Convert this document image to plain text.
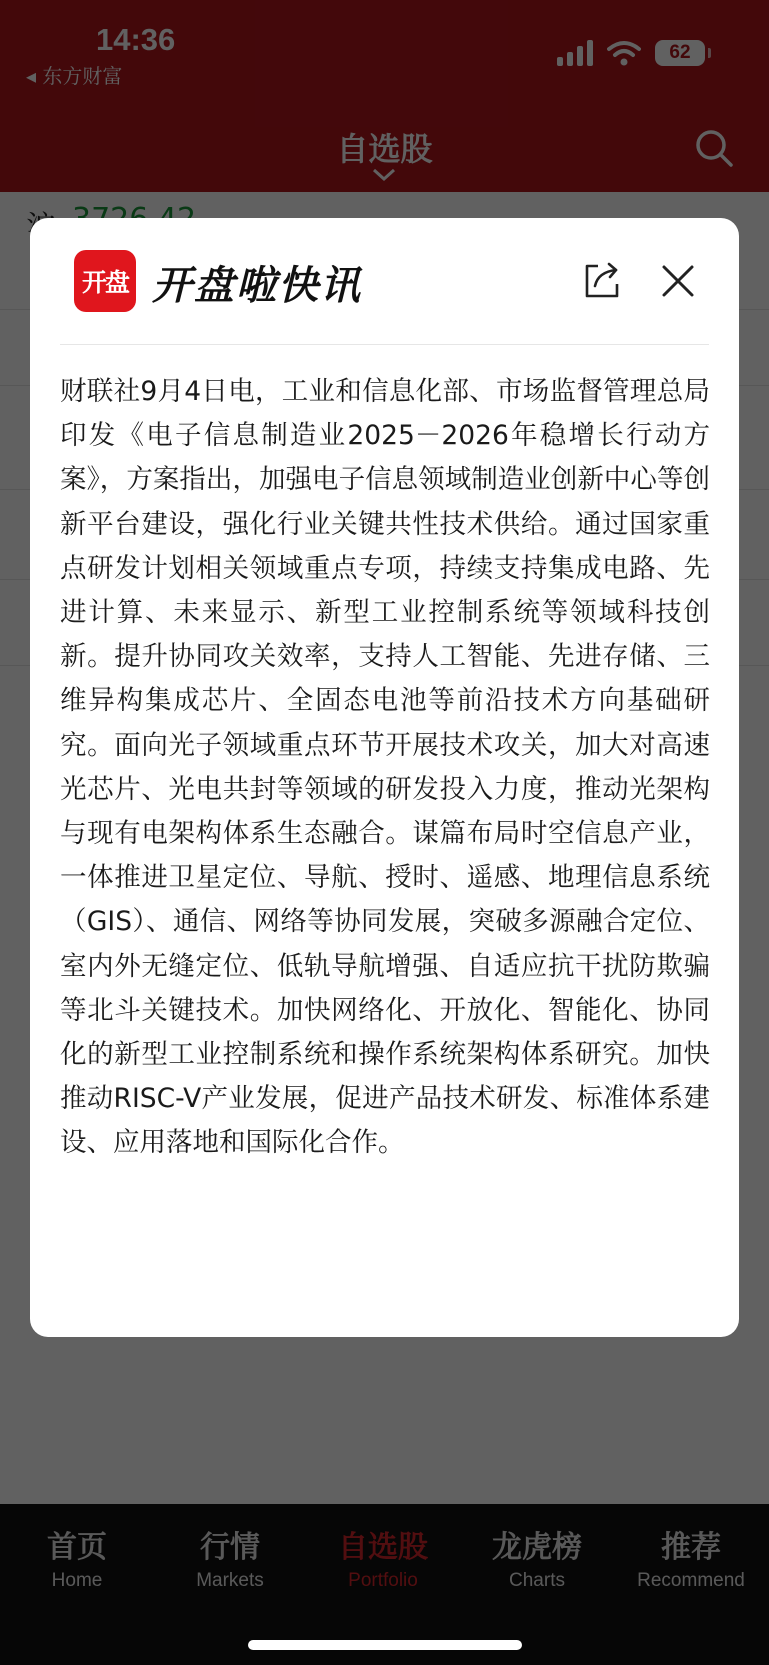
开盘 开盘啦快讯
财联社9月4日电，工业和信息化部、市场监督管理总局印发《电子信息制造业2025－2026年稳增长行动方案》，方案指出，加强电子信息领域制造业创新中心等创新平台建设，强化行业关键共性技术供给。通过国家重点研发计划相关领域重点专项，持续支持集成电路、先进计算、未来显示、新型工业控制系统等领域科技创新。提升协同攻关效率，支持人工智能、先进存储、三维异构集成芯片、全固态电池等前沿技术方向基础研究。面向光子领域重点环节开展技术攻关，加大对高速光芯片、光电共封等领域的研发投入力度，推动光架构与现有电架构体系生态融合。谋篇布局时空信息产业，一体推进卫星定位、导航、授时、遥感、地理信息系统（GIS）、通信、网络等协同发展，突破多源融合定位、室内外无缝定位、低轨导航增强、自适应抗干扰防欺骗等北斗关键技术。加快网络化、开放化、智能化、协同化的新型工业控制系统和操作系统架构体系研究。加快推动RISC-V产业发展，促进产品技术研发、标准体系建设、应用落地和国际化合作。
